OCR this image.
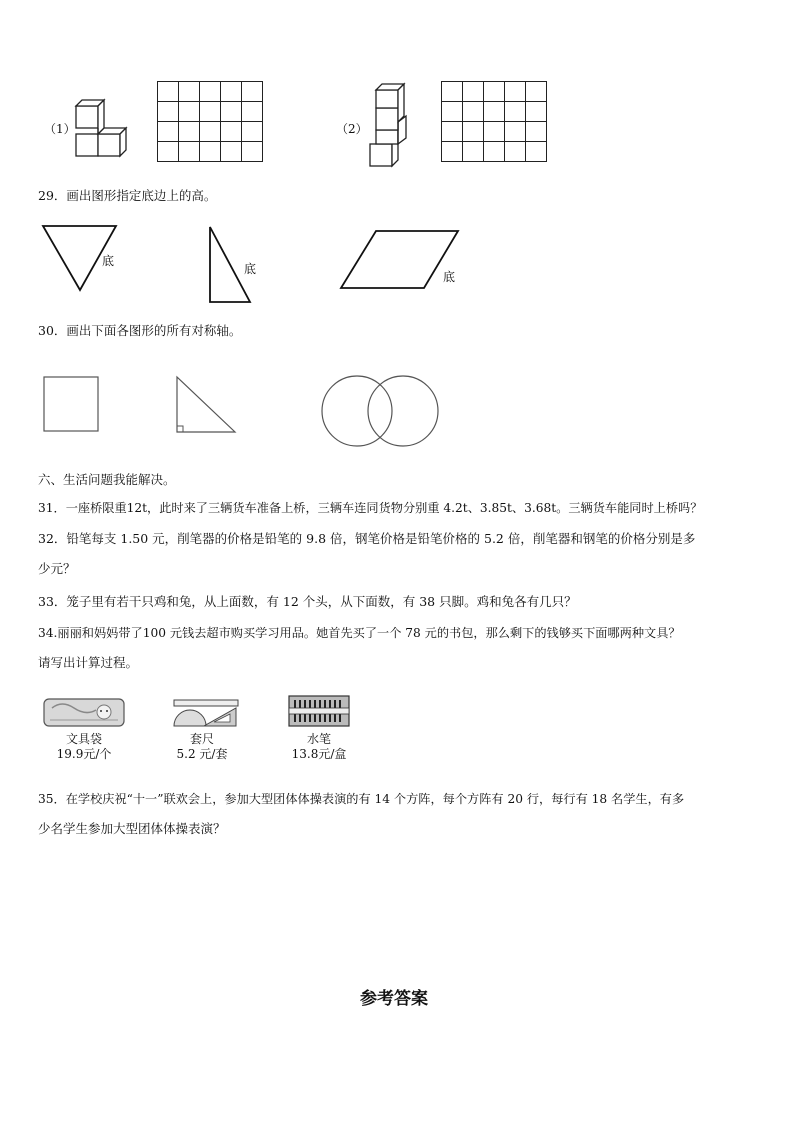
（1）

					（2）

29．画出图形指定底边上的高。
底
底
底
30．画出下面各图形的所有对称轴。
六、生活问题我能解决。
31．一座桥限重12t，此时来了三辆货车准备上桥，三辆车连同货物分别重 4.2t、3.85t、3.68t。三辆货车能同时上桥吗？
32．铅笔每支 1.50 元，削笔器的价格是铅笔的 9.8 倍，钢笔价格是铅笔价格的 5.2 倍，削笔器和钢笔的价格分别是多
少元？
33．笼子里有若干只鸡和兔，从上面数，有 12 个头，从下面数，有 38 只脚。鸡和兔各有几只？
34.丽丽和妈妈带了100 元钱去超市购买学习用品。她首先买了一个 78 元的书包，那么剩下的钱够买下面哪两种文具？
请写出计算过程。
文具袋
19.9元/个
套尺
5.2 元/套
水笔
13.8元/盒
35．在学校庆祝“十一”联欢会上，参加大型团体体操表演的有 14 个方阵，每个方阵有 20 行，每行有 18 名学生，有多
少名学生参加大型团体体操表演？
参考答案
